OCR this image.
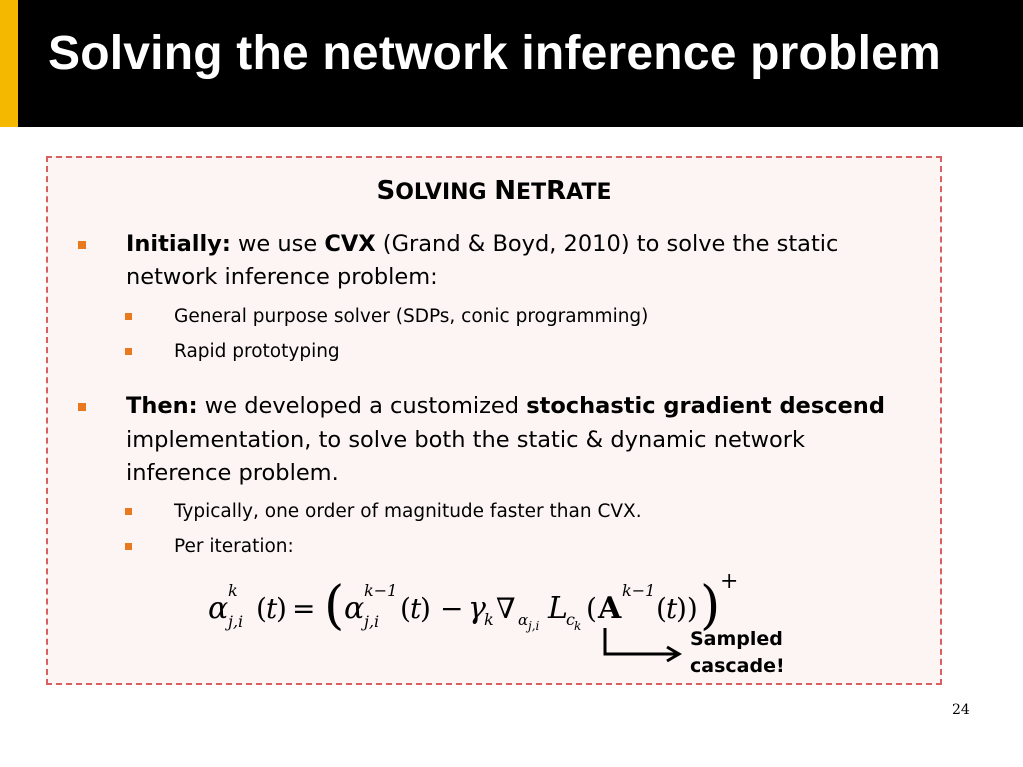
Solving the network inference problem
SOLVING NETRATE
Initially: we use CVX (Grand & Boyd, 2010) to solve the static
network inference problem:
General purpose solver (SDPs, conic programming)
Rapid prototyping
Then: we developed a customized stochastic gradient descend
implementation, to solve both the static & dynamic network
inference problem.
Typically, one order of magnitude faster than CVX.
Per iteration:
α
k
j,i ( t
) = ( α
k−1
j,i ( t
) − γ
k ∇ α j,i L
c k
( A
k−1
( t
)) ) +
Sampled
cascade!
24
